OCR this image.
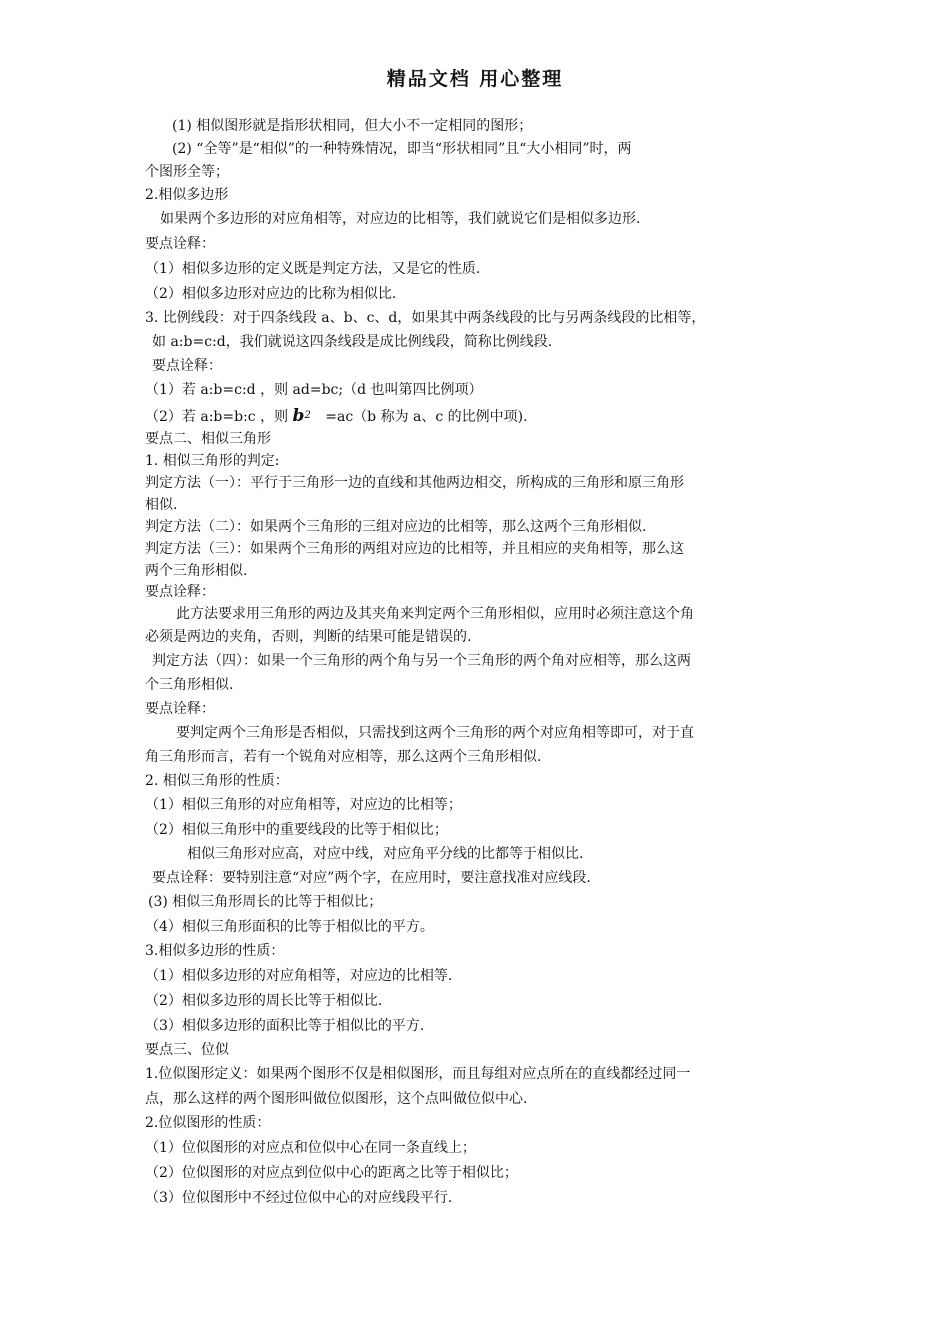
精品文档 用心整理
(1) 相似图形就是指形状相同，但大小不一定相同的图形；
(2) “全等”是“相似”的一种特殊情况，即当“形状相同”且“大小相同”时，两
个图形全等；
2.相似多边形
如果两个多边形的对应角相等，对应边的比相等，我们就说它们是相似多边形.
要点诠释：
（1）相似多边形的定义既是判定方法，又是它的性质.
（2）相似多边形对应边的比称为相似比.
3. 比例线段：对于四条线段 a、b、c、d，如果其中两条线段的比与另两条线段的比相等，
如 a:b=c:d，我们就说这四条线段是成比例线段，简称比例线段.
要点诠释：
（1）若 a:b=c:d ，则 ad=bc;（d 也叫第四比例项）
（2）若 a:b=b:c ，则 $b^2 =ac(b$ 称为 a、c 的比例中项).
要点二、相似三角形
1. 相似三角形的判定:
判定方法（一）：平行于三角形一边的直线和其他两边相交，所构成的三角形和原三角形
相似.
判定方法（二）：如果两个三角形的三组对应边的比相等，那么这两个三角形相似.
判定方法（三）：如果两个三角形的两组对应边的比相等，并且相应的夹角相等，那么这
两个三角形相似.
要点诠释：
此方法要求用三角形的两边及其夹角来判定两个三角形相似，应用时必须注意这个角
必须是两边的夹角，否则，判断的结果可能是错误的.
判定方法（四）：如果一个三角形的两个角与另一个三角形的两个角对应相等，那么这两
个三角形相似.
要点诠释：
要判定两个三角形是否相似，只需找到这两个三角形的两个对应角相等即可，对于直
角三角形而言，若有一个锐角对应相等，那么这两个三角形相似.
2. 相似三角形的性质：
（1）相似三角形的对应角相等，对应边的比相等；
（2）相似三角形中的重要线段的比等于相似比；
相似三角形对应高，对应中线，对应角平分线的比都等于相似比.
要点诠释：要特别注意“对应”两个字，在应用时，要注意找准对应线段.
(3) 相似三角形周长的比等于相似比；
（4）相似三角形面积的比等于相似比的平方。
3.相似多边形的性质：
（1）相似多边形的对应角相等，对应边的比相等.
（2）相似多边形的周长比等于相似比.
（3）相似多边形的面积比等于相似比的平方.
要点三、位似
1.位似图形定义：如果两个图形不仅是相似图形，而且每组对应点所在的直线都经过同一
点，那么这样的两个图形叫做位似图形，这个点叫做位似中心.
2.位似图形的性质：
（1）位似图形的对应点和位似中心在同一条直线上；
（2）位似图形的对应点到位似中心的距离之比等于相似比；
（3）位似图形中不经过位似中心的对应线段平行.
